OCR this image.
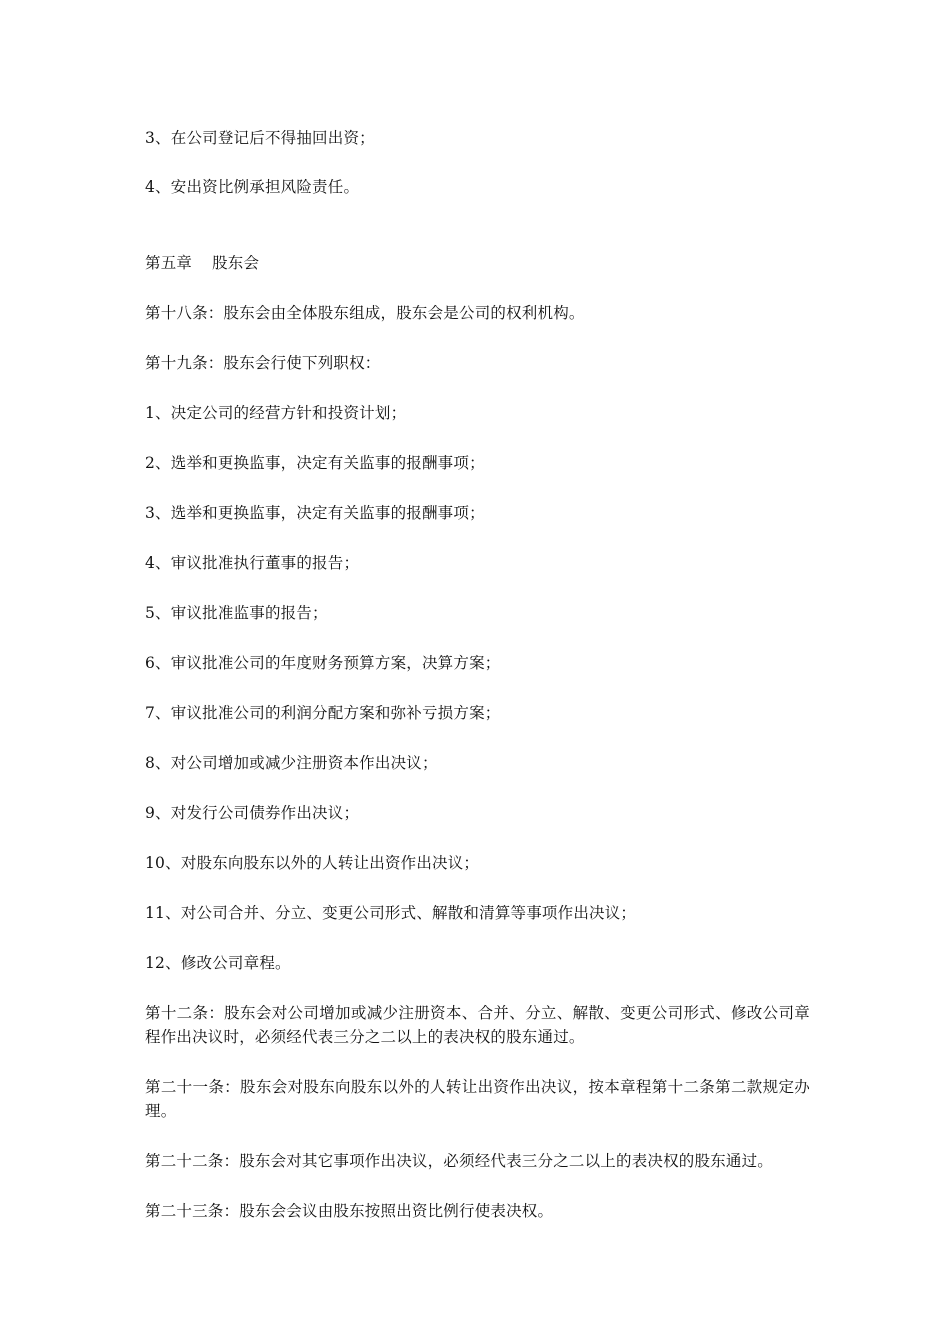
3、在公司登记后不得抽回出资；

4、安出资比例承担风险责任。

第五章 股东会

第十八条：股东会由全体股东组成，股东会是公司的权利机构。

第十九条：股东会行使下列职权：

1、决定公司的经营方针和投资计划；

2、选举和更换监事，决定有关监事的报酬事项；

3、选举和更换监事，决定有关监事的报酬事项；

4、审议批准执行董事的报告；

5、审议批准监事的报告；

6、审议批准公司的年度财务预算方案，决算方案；

7、审议批准公司的利润分配方案和弥补亏损方案；

8、对公司增加或减少注册资本作出决议；

9、对发行公司债券作出决议；

10、对股东向股东以外的人转让出资作出决议；

11、对公司合并、分立、变更公司形式、解散和清算等事项作出决议；

12、修改公司章程。

第十二条：股东会对公司增加或减少注册资本、合并、分立、解散、变更公司形式、修改公司章程作出决议时，必须经代表三分之二以上的表决权的股东通过。

第二十一条：股东会对股东向股东以外的人转让出资作出决议，按本章程第十二条第二款规定办理。

第二十二条：股东会对其它事项作出决议，必须经代表三分之二以上的表决权的股东通过。

第二十三条：股东会会议由股东按照出资比例行使表决权。
